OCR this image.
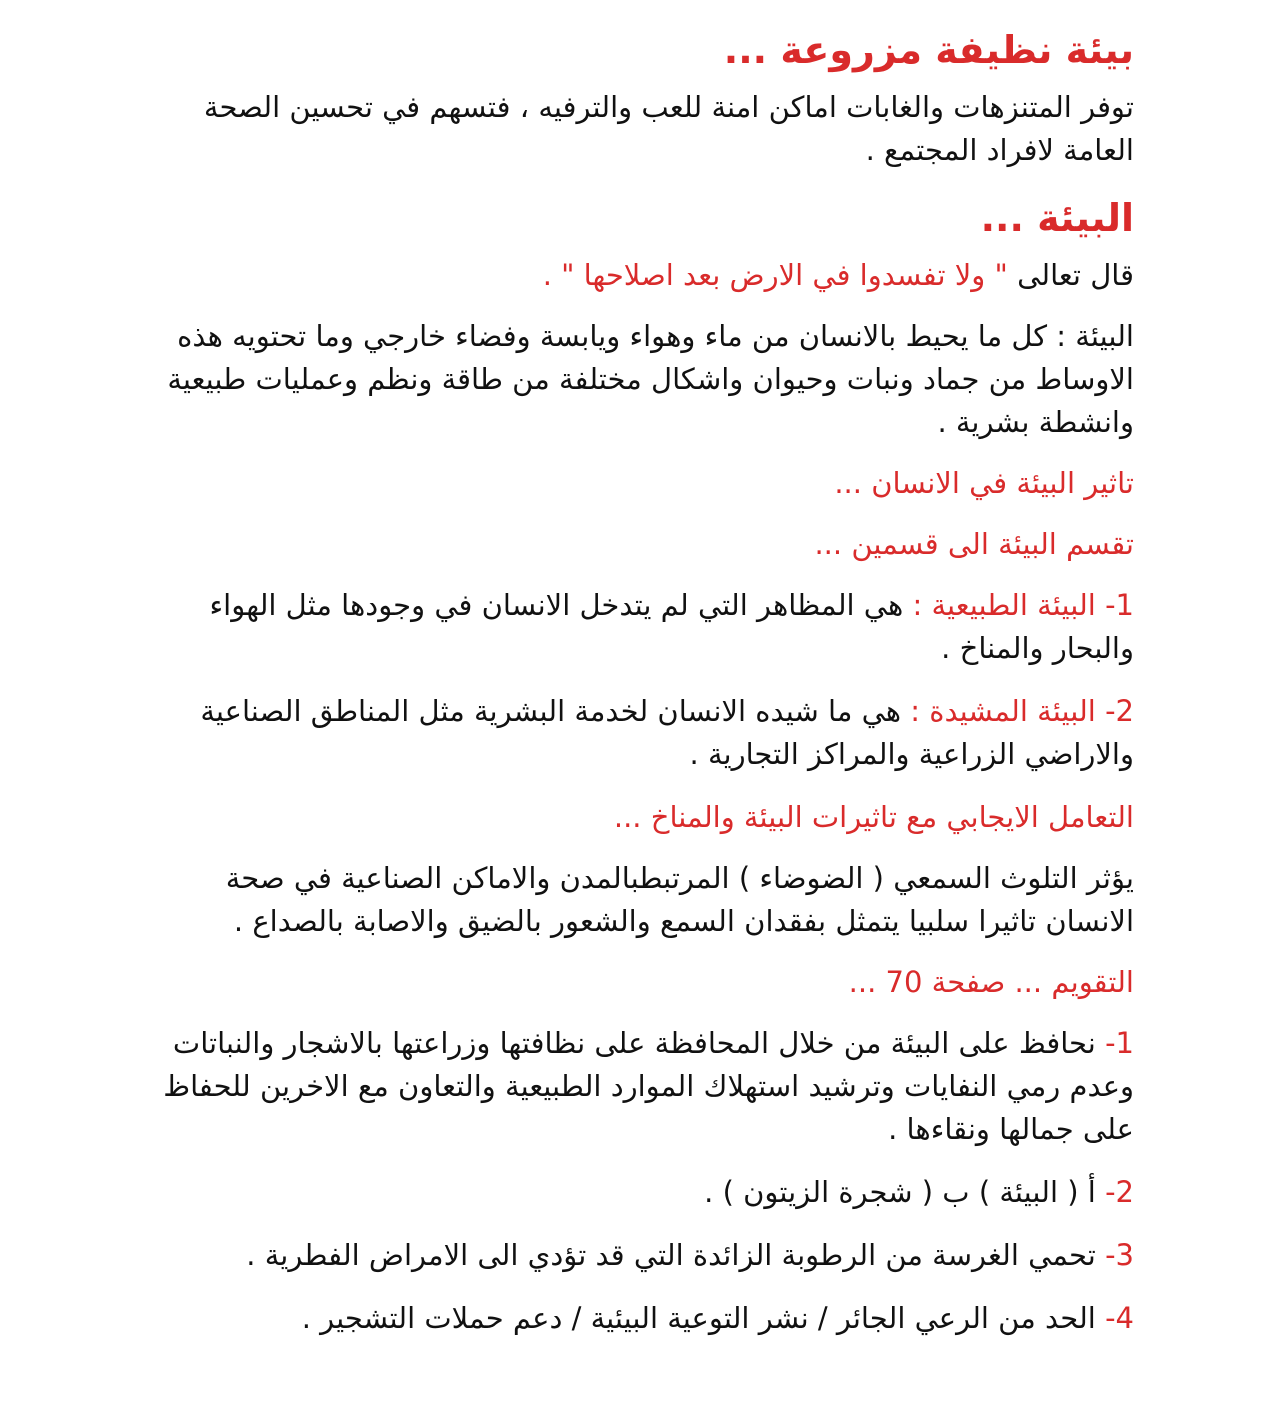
بيئة نظيفة مزروعة ...
توفر المتنزهات والغابات اماكن امنة للعب والترفيه ، فتسهم في تحسين الصحة العامة لافراد المجتمع .
البيئة ...
قال تعالى " ولا تفسدوا في الارض بعد اصلاحها " .
البيئة : كل ما يحيط بالانسان من ماء وهواء ويابسة وفضاء خارجي وما تحتويه هذه الاوساط من جماد ونبات وحيوان واشكال مختلفة من طاقة ونظم وعمليات طبيعية وانشطة بشرية .
تاثير البيئة في الانسان ...
تقسم البيئة الى قسمين ...
1- البيئة الطبيعية : هي المظاهر التي لم يتدخل الانسان في وجودها مثل الهواء والبحار والمناخ .
2- البيئة المشيدة : هي ما شيده الانسان لخدمة البشرية مثل المناطق الصناعية والاراضي الزراعية والمراكز التجارية .
التعامل الايجابي مع تاثيرات البيئة والمناخ ...
يؤثر التلوث السمعي ( الضوضاء ) المرتبطبالمدن والاماكن الصناعية في صحة الانسان تاثيرا سلبيا يتمثل بفقدان السمع والشعور بالضيق والاصابة بالصداع .
التقويم ... صفحة 70 ...
1- نحافظ على البيئة من خلال المحافظة على نظافتها وزراعتها بالاشجار والنباتات وعدم رمي النفايات وترشيد استهلاك الموارد الطبيعية والتعاون مع الاخرين للحفاظ على جمالها ونقاءها .
2- أ ( البيئة ) ب ( شجرة الزيتون ) .
3- تحمي الغرسة من الرطوبة الزائدة التي قد تؤدي الى الامراض الفطرية .
4- الحد من الرعي الجائر / نشر التوعية البيئية / دعم حملات التشجير .
